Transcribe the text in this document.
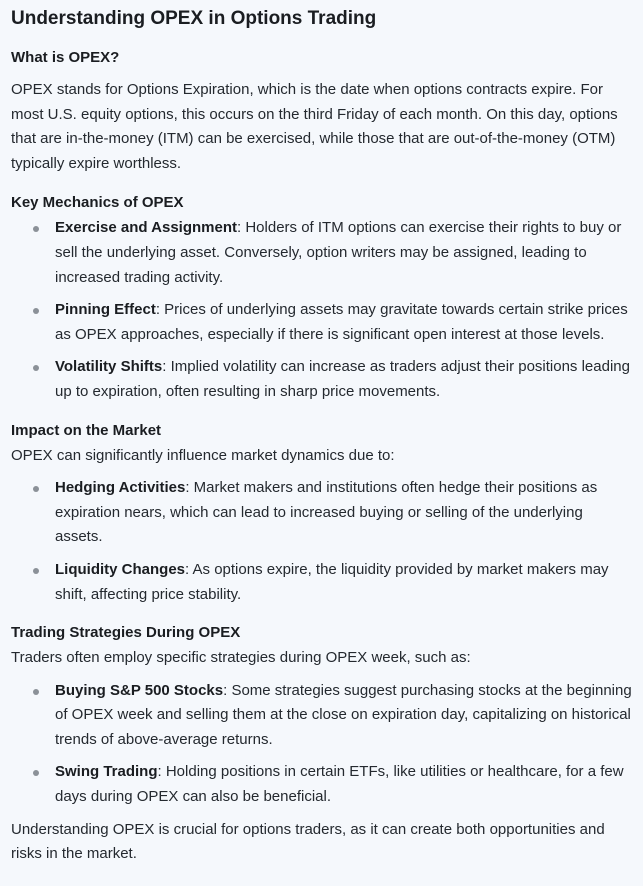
Understanding OPEX in Options Trading
What is OPEX?

OPEX stands for Options Expiration, which is the date when options contracts expire. For most U.S. equity options, this occurs on the third Friday of each month. On this day, options that are in-the-money (ITM) can be exercised, while those that are out-of-the-money (OTM) typically expire worthless.

Key Mechanics of OPEX
Exercise and Assignment: Holders of ITM options can exercise their rights to buy or sell the underlying asset. Conversely, option writers may be assigned, leading to increased trading activity.
Pinning Effect: Prices of underlying assets may gravitate towards certain strike prices as OPEX approaches, especially if there is significant open interest at those levels.
Volatility Shifts: Implied volatility can increase as traders adjust their positions leading up to expiration, often resulting in sharp price movements.
Impact on the Market

OPEX can significantly influence market dynamics due to:

Hedging Activities: Market makers and institutions often hedge their positions as expiration nears, which can lead to increased buying or selling of the underlying assets.
Liquidity Changes: As options expire, the liquidity provided by market makers may shift, affecting price stability.
Trading Strategies During OPEX

Traders often employ specific strategies during OPEX week, such as:

Buying S&P 500 Stocks: Some strategies suggest purchasing stocks at the beginning of OPEX week and selling them at the close on expiration day, capitalizing on historical trends of above-average returns.
Swing Trading: Holding positions in certain ETFs, like utilities or healthcare, for a few days during OPEX can also be beneficial.

Understanding OPEX is crucial for options traders, as it can create both opportunities and risks in the market.
